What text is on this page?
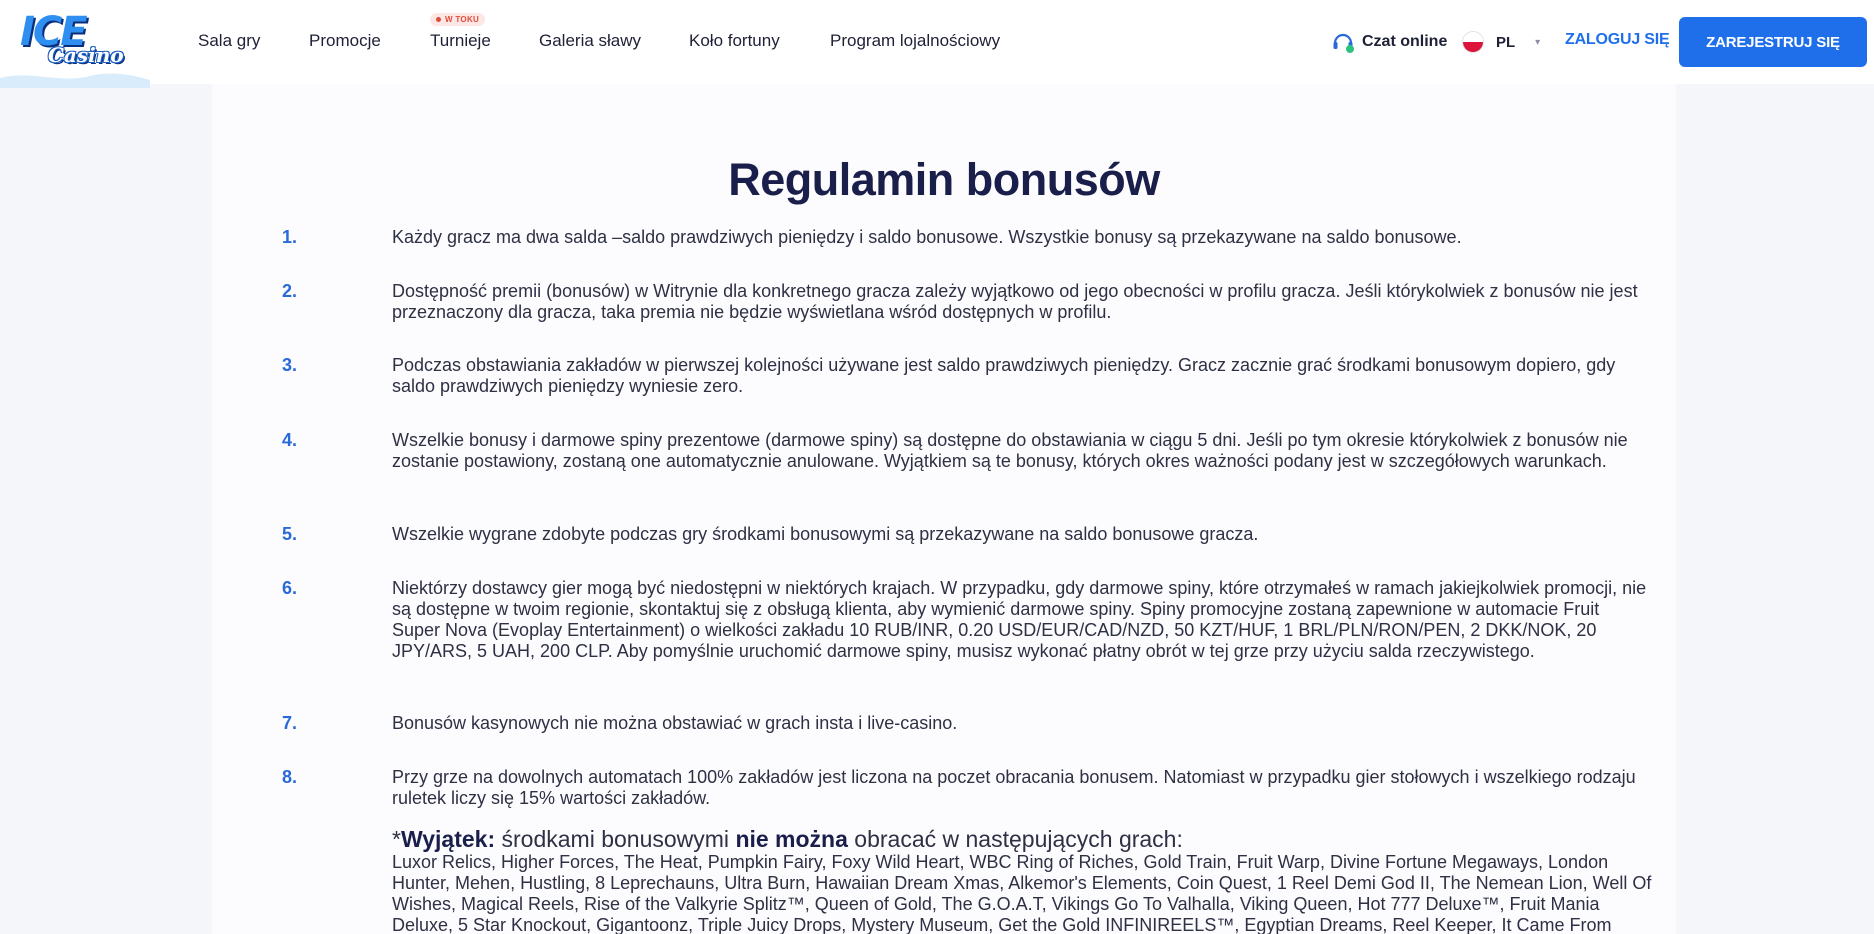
ICE
Casino
Sala gry	Promocje
W TOKU
Turnieje	Galeria sławy	Koło fortuny	Program lojalnościowy	Czat online	PL ▾ ZALOGUJ SIĘ	ZAREJESTRUJ SIĘ
Regulamin bonusów
1.	Każdy gracz ma dwa salda –saldo prawdziwych pieniędzy i saldo bonusowe. Wszystkie bonusy są przekazywane na saldo bonusowe.

2.	Dostępność premii (bonusów) w Witrynie dla konkretnego gracza zależy wyjątkowo od jego obecności w profilu gracza. Jeśli którykolwiek z bonusów nie jest przeznaczony dla gracza, taka premia nie będzie wyświetlana wśród dostępnych w profilu.

3.	Podczas obstawiania zakładów w pierwszej kolejności używane jest saldo prawdziwych pieniędzy. Gracz zacznie grać środkami bonusowym dopiero, gdy saldo prawdziwych pieniędzy wyniesie zero.

4.	Wszelkie bonusy i darmowe spiny prezentowe (darmowe spiny) są dostępne do obstawiania w ciągu 5 dni. Jeśli po tym okresie którykolwiek z bonusów nie zostanie postawiony, zostaną one automatycznie anulowane. Wyjątkiem są te bonusy, których okres ważności podany jest w szczegółowych warunkach.

5.	Wszelkie wygrane zdobyte podczas gry środkami bonusowymi są przekazywane na saldo bonusowe gracza.

6.	Niektórzy dostawcy gier mogą być niedostępni w niektórych krajach. W przypadku, gdy darmowe spiny, które otrzymałeś w ramach jakiejkolwiek promocji, nie są dostępne w twoim regionie, skontaktuj się z obsługą klienta, aby wymienić darmowe spiny. Spiny promocyjne zostaną zapewnione w automacie Fruit Super Nova (Evoplay Entertainment) o wielkości zakładu 10 RUB/INR, 0.20 USD/EUR/CAD/NZD, 50 KZT/HUF, 1 BRL/PLN/RON/PEN, 2 DKK/NOK, 20 JPY/ARS, 5 UAH, 200 CLP. Aby pomyślnie uruchomić darmowe spiny, musisz wykonać płatny obrót w tej grze przy użyciu salda rzeczywistego.

7.	Bonusów kasynowych nie można obstawiać w grach insta i live-casino.

8.	Przy grze na dowolnych automatach 100% zakładów jest liczona na poczet obracania bonusem. Natomiast w przypadku gier stołowych i wszelkiego rodzaju ruletek liczy się 15% wartości zakładów.

*Wyjątek: środkami bonusowymi nie można obracać w następujących grach:

Luxor Relics, Higher Forces, The Heat, Pumpkin Fairy, Foxy Wild Heart, WBC Ring of Riches, Gold Train, Fruit Warp, Divine Fortune Megaways, London Hunter, Mehen, Hustling, 8 Leprechauns, Ultra Burn, Hawaiian Dream Xmas, Alkemor's Elements, Coin Quest, 1 Reel Demi God II, The Nemean Lion, Well Of Wishes, Magical Reels, Rise of the Valkyrie Splitz™, Queen of Gold, The G.O.A.T, Vikings Go To Valhalla, Viking Queen, Hot 777 Deluxe™, Fruit Mania Deluxe, 5 Star Knockout, Gigantoonz, Triple Juicy Drops, Mystery Museum, Get the Gold INFINIREELS™, Egyptian Dreams, Reel Keeper, It Came From
